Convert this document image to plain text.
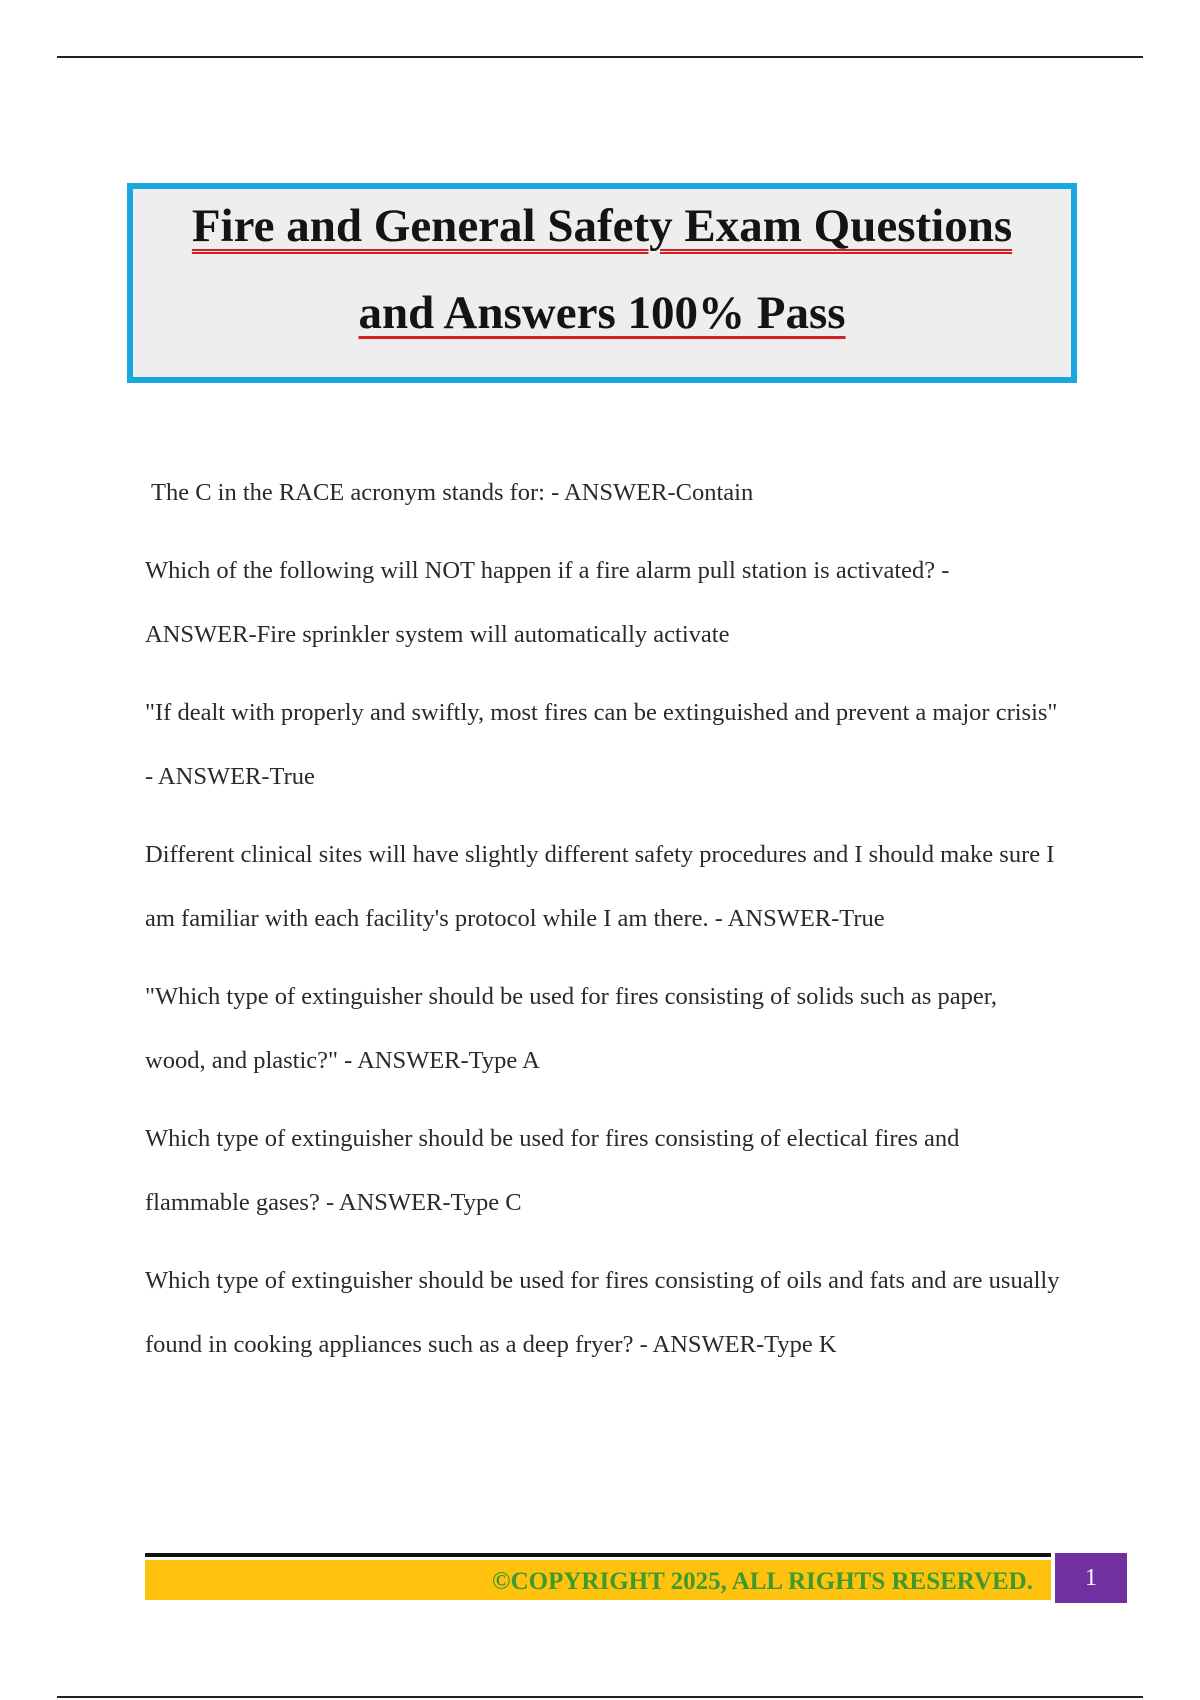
Fire and General Safety Exam Questions
and Answers 100% Pass

The C in the RACE acronym stands for: - ANSWER-Contain

Which of the following will NOT happen if a fire alarm pull station is activated? - ANSWER-Fire sprinkler system will automatically activate

"If dealt with properly and swiftly, most fires can be extinguished and prevent a major crisis" - ANSWER-True

Different clinical sites will have slightly different safety procedures and I should make sure I am familiar with each facility's protocol while I am there. - ANSWER-True

"Which type of extinguisher should be used for fires consisting of solids such as paper, wood, and plastic?" - ANSWER-Type A

Which type of extinguisher should be used for fires consisting of electical fires and flammable gases? - ANSWER-Type C

Which type of extinguisher should be used for fires consisting of oils and fats and are usually found in cooking appliances such as a deep fryer? - ANSWER-Type K

©COPYRIGHT 2025, ALL RIGHTS RESERVED.	1
